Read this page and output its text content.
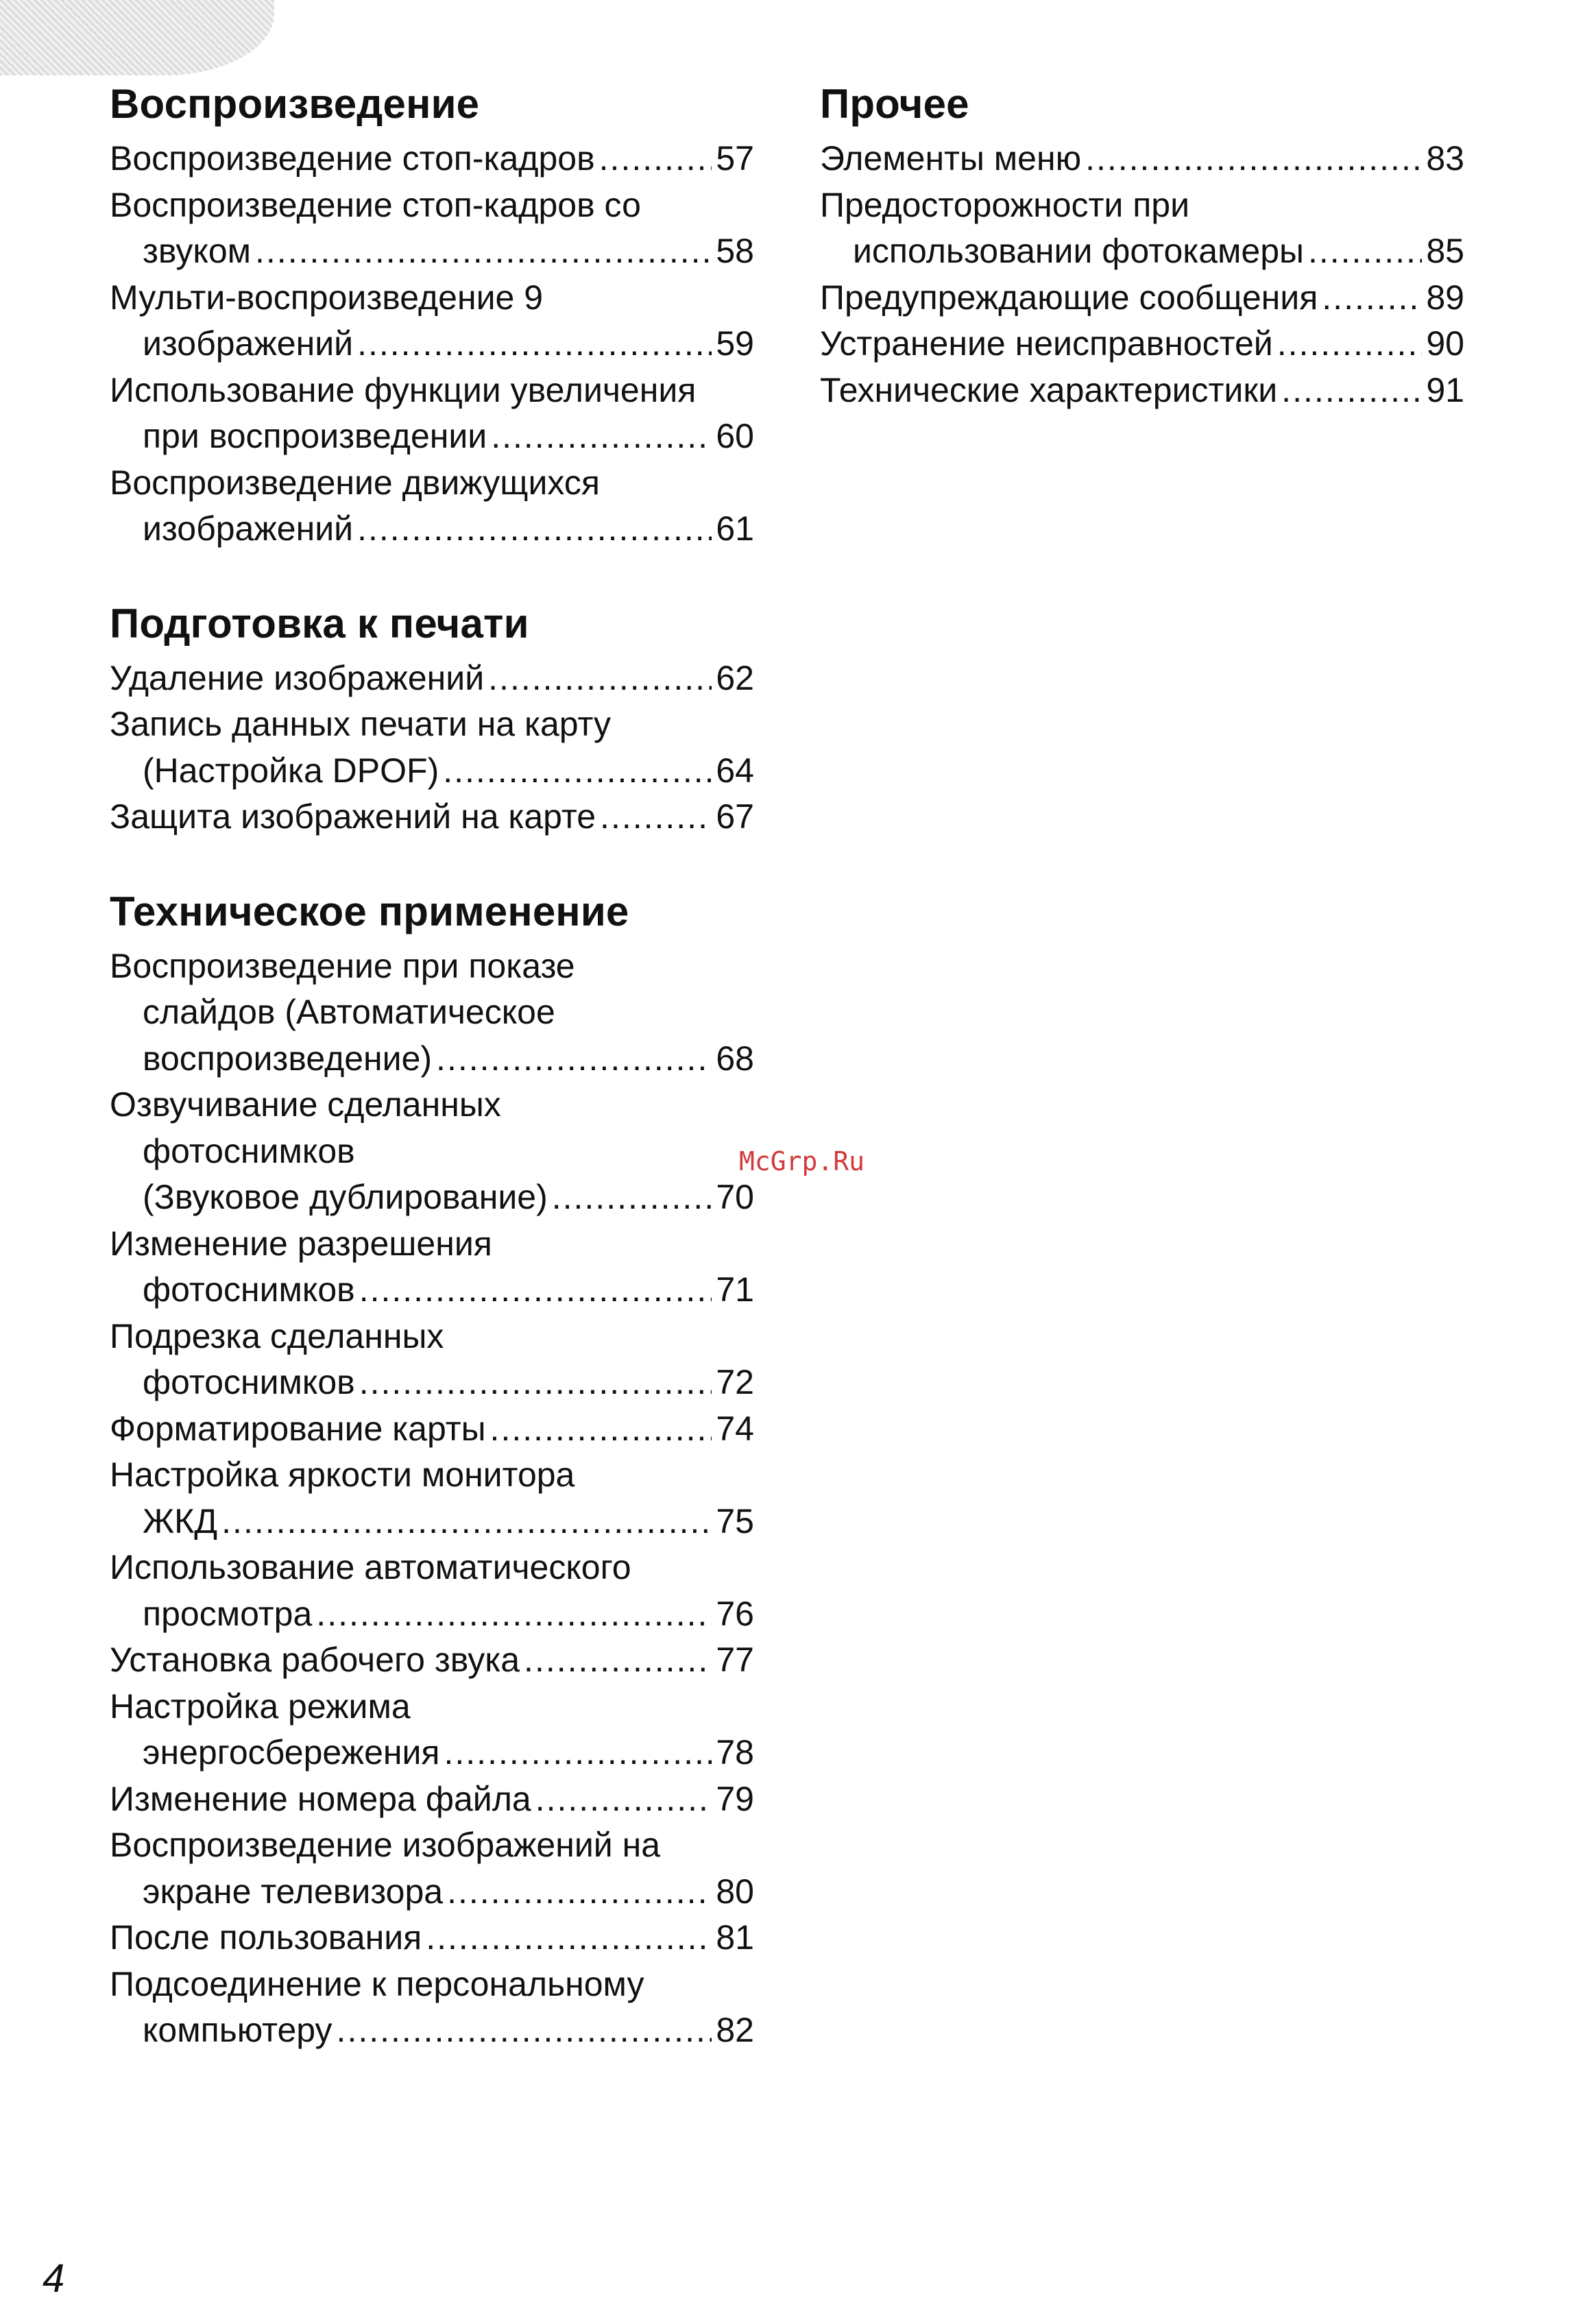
Воспроизведение
Воспроизведение стоп-кадров .....	57
Воспроизведение стоп-кадров со
звуком .....	58
Мульти-воспроизведение 9
изображений .....	59
Использование функции увеличения
при воспроизведении .....	60
Воспроизведение движущихся
изображений .....	61
Подготовка к печати
Удаление изображений .....	62
Запись данных печати на карту
(Настройка DPOF) .....	64
Защита изображений на карте .....	67
Техническое применение
Воспроизведение при показе
слайдов (Автоматическое
воспроизведение) .....	68
Озвучивание сделанных
фотоснимков
(Звуковое дублирование) .....	70
Изменение разрешения
фотоснимков .....	71
Подрезка сделанных
фотоснимков .....	72
Форматирование карты .....	74
Настройка яркости монитора
ЖКД .....	75
Использование автоматического
просмотра .....	76
Установка рабочего звука .....	77
Настройка режима
энергосбережения .....	78
Изменение номера файла .....	79
Воспроизведение изображений на
экране телевизора .....	80
После пользования .....	81
Подсоединение к персональному
компьютеру .....	82
Прочее
Элементы меню .....	83
Предосторожности при
использовании фотокамеры .....	85
Предупреждающие сообщения .....	89
Устранение неисправностей .....	90
Технические характеристики .....	91
McGrp.Ru
4
